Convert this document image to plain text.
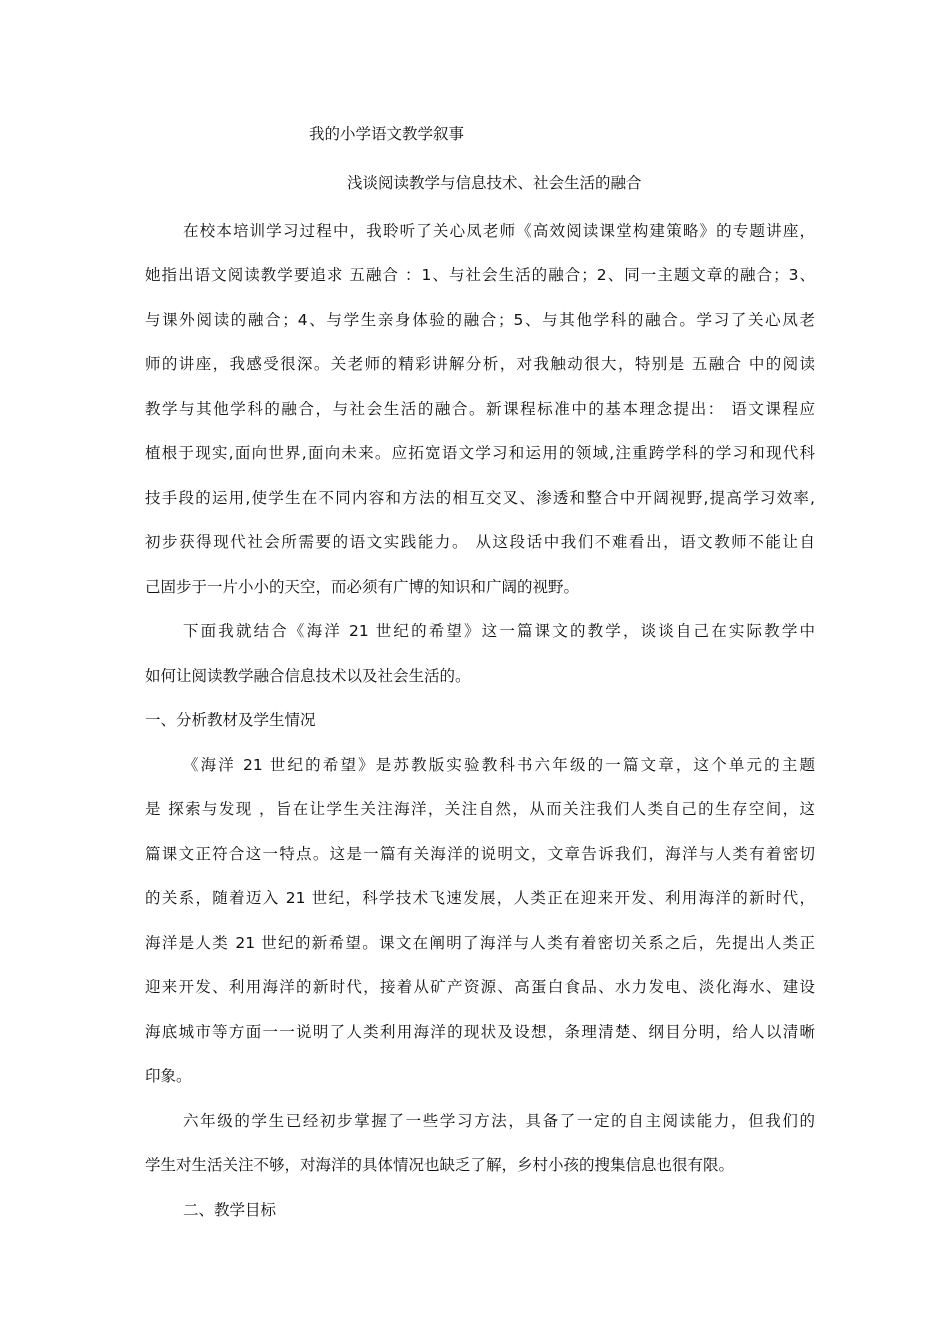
我的小学语文教学叙事
浅谈阅读教学与信息技术、社会生活的融合
在校本培训学习过程中，我聆听了关心凤老师《高效阅读课堂构建策略》的专题讲座，
她指出语文阅读教学要追求 五融合 ：1、与社会生活的融合；2、同一主题文章的融合；3、
与课外阅读的融合；4、与学生亲身体验的融合；5、与其他学科的融合。学习了关心凤老
师的讲座，我感受很深。关老师的精彩讲解分析，对我触动很大，特别是 五融合 中的阅读
教学与其他学科的融合，与社会生活的融合。新课程标准中的基本理念提出： 语文课程应
植根于现实,面向世界,面向未来。应拓宽语文学习和运用的领域,注重跨学科的学习和现代科
技手段的运用,使学生在不同内容和方法的相互交叉、渗透和整合中开阔视野,提高学习效率,
初步获得现代社会所需要的语文实践能力。 从这段话中我们不难看出，语文教师不能让自
己固步于一片小小的天空，而必须有广博的知识和广阔的视野。
下面我就结合《海洋 21 世纪的希望》这一篇课文的教学，谈谈自己在实际教学中
如何让阅读教学融合信息技术以及社会生活的。
一、分析教材及学生情况
《海洋 21 世纪的希望》是苏教版实验教科书六年级的一篇文章，这个单元的主题
是 探索与发现 ，旨在让学生关注海洋，关注自然，从而关注我们人类自己的生存空间，这
篇课文正符合这一特点。这是一篇有关海洋的说明文，文章告诉我们，海洋与人类有着密切
的关系，随着迈入 21 世纪，科学技术飞速发展，人类正在迎来开发、利用海洋的新时代，
海洋是人类 21 世纪的新希望。课文在阐明了海洋与人类有着密切关系之后，先提出人类正
迎来开发、利用海洋的新时代，接着从矿产资源、高蛋白食品、水力发电、淡化海水、建设
海底城市等方面一一说明了人类利用海洋的现状及设想，条理清楚、纲目分明，给人以清晰
印象。
六年级的学生已经初步掌握了一些学习方法，具备了一定的自主阅读能力，但我们的
学生对生活关注不够，对海洋的具体情况也缺乏了解，乡村小孩的搜集信息也很有限。
二、教学目标
